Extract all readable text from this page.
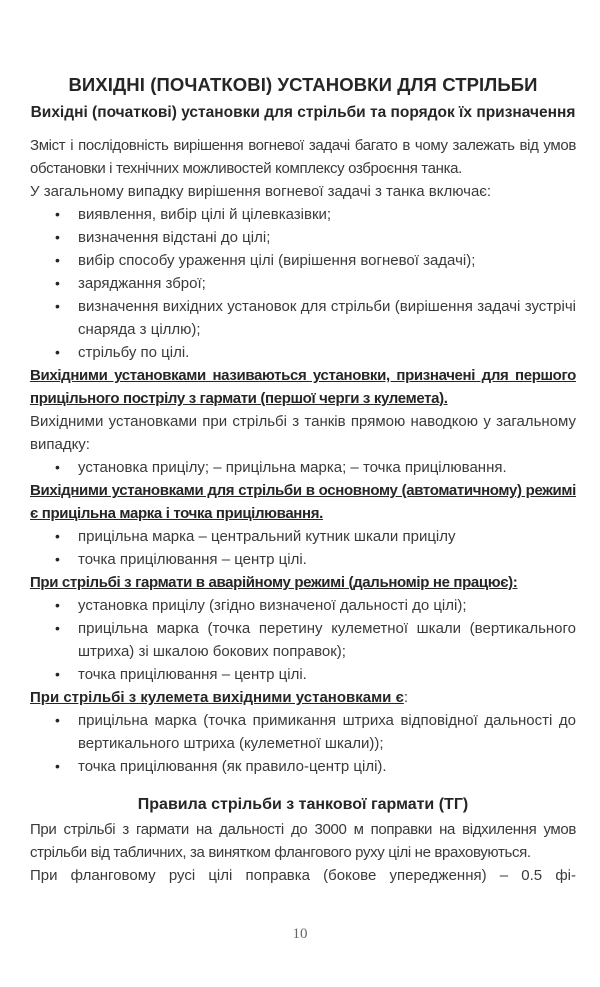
ВИХІДНІ (ПОЧАТКОВІ) УСТАНОВКИ ДЛЯ СТРІЛЬБИ
Вихідні (початкові) установки для стрільби та порядок їх призначення

Зміст і послідовність вирішення вогневої задачі багато в чому залежать від умов обстановки і технічних можливостей комплексу озброєння танка.

У загальному випадку вирішення вогневої задачі з танка включає:

• виявлення, вибір цілі й цілевказівки;
• визначення відстані до цілі;
• вибір способу ураження цілі (вирішення вогневої задачі);
• заряджання зброї;
• визначення вихідних установок для стрільби (вирішення задачі зустрічі снаряда з ціллю);
• стрільбу по цілі.

Вихідними установками називаються установки, призначені для першого прицільного пострілу з гармати (першої черги з кулемета).

Вихідними установками при стрільбі з танків прямою наводкою у загальному випадку:

• установка прицілу; – прицільна марка; – точка прицілювання.

Вихідними установками для стрільби в основному (автоматичному) режимі є прицільна марка і точка прицілювання.

• прицільна марка – центральний кутник шкали прицілу
• точка прицілювання – центр цілі.

При стрільбі з гармати в аварійному режимі (дальномір не працює):

• установка прицілу (згідно визначеної дальності до цілі);
• прицільна марка (точка перетину кулеметної шкали (вертикального штриха) зі шкалою бокових поправок);
• точка прицілювання – центр цілі.

При стрільбі з кулемета вихідними установками є:

• прицільна марка (точка примикання штриха відповідної дальності до вертикального штриха (кулеметної шкали));
• точка прицілювання (як правило-центр цілі).
Правила стрільби з танкової гармати (ТГ)

При стрільбі з гармати на дальності до 3000 м поправки на відхилення умов стрільби від табличних, за винятком флангового руху цілі не враховуються.

При фланговому русі цілі поправка (бокове упередження) – 0.5 фі-

10
